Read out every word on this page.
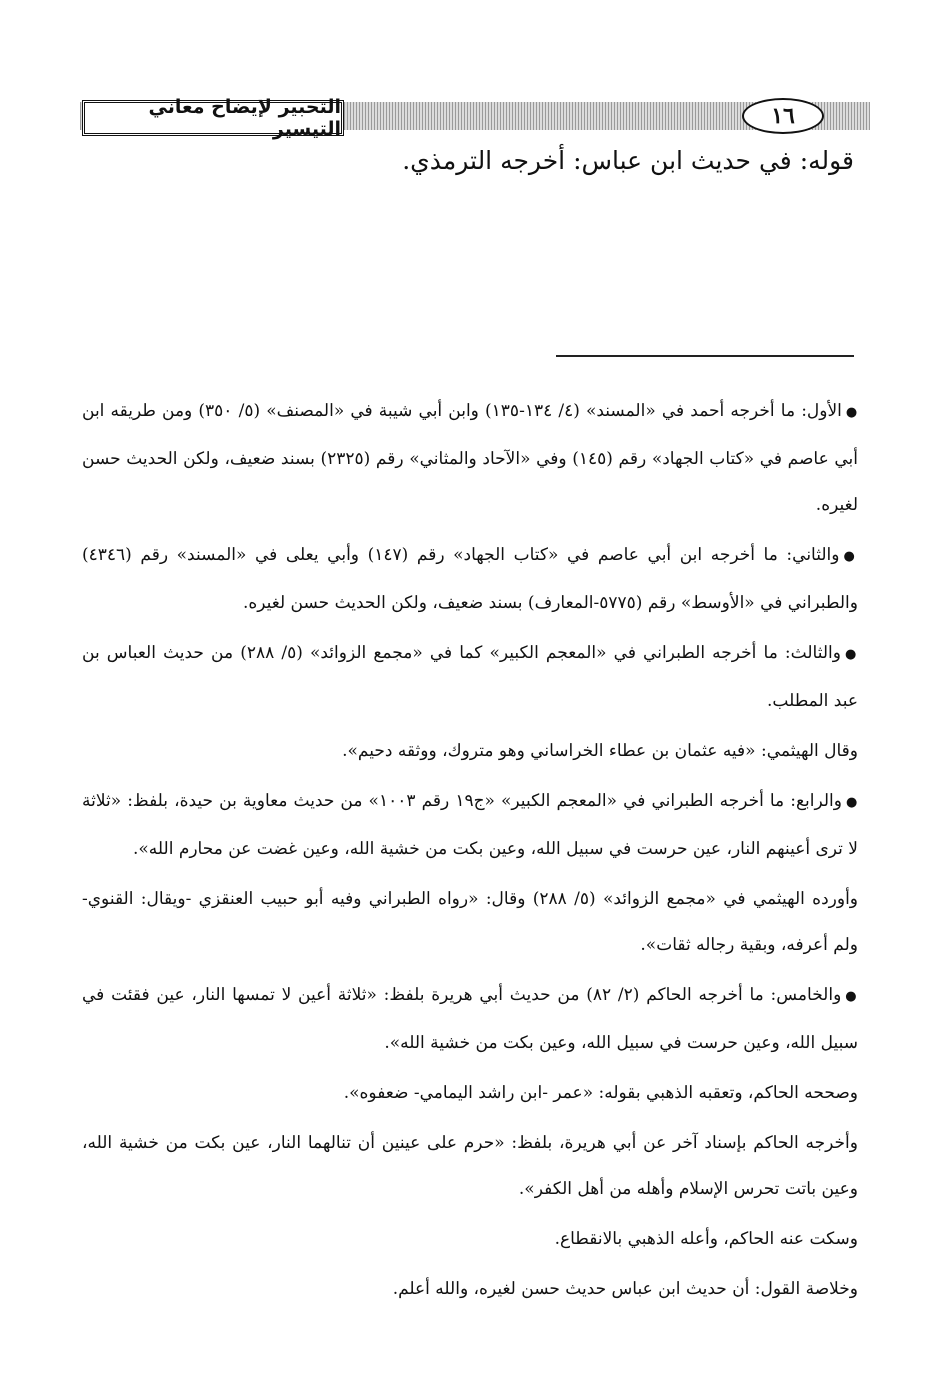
التحبير لإيضاح معاني التيسير	١٦
قوله: في حديث ابن عباس: أخرجه الترمذي.

●الأول: ما أخرجه أحمد في «المسند» (٤/ ١٣٤-١٣٥) وابن أبي شيبة في «المصنف» (٥/ ٣٥٠) ومن طريقه ابن أبي عاصم في «كتاب الجهاد» رقم (١٤٥) وفي «الآحاد والمثاني» رقم (٢٣٢٥) بسند ضعيف، ولكن الحديث حسن لغيره.

●والثاني: ما أخرجه ابن أبي عاصم في «كتاب الجهاد» رقم (١٤٧) وأبي يعلى في «المسند» رقم (٤٣٤٦) والطبراني في «الأوسط» رقم (٥٧٧٥-المعارف) بسند ضعيف، ولكن الحديث حسن لغيره.

●والثالث: ما أخرجه الطبراني في «المعجم الكبير» كما في «مجمع الزوائد» (٥/ ٢٨٨) من حديث العباس بن عبد المطلب.

وقال الهيثمي: «فيه عثمان بن عطاء الخراساني وهو متروك، ووثقه دحيم».

●والرابع: ما أخرجه الطبراني في «المعجم الكبير» «ج١٩ رقم ١٠٠٣» من حديث معاوية بن حيدة، بلفظ: «ثلاثة لا ترى أعينهم النار، عين حرست في سبيل الله، وعين بكت من خشية الله، وعين غضت عن محارم الله».

وأورده الهيثمي في «مجمع الزوائد» (٥/ ٢٨٨) وقال: «رواه الطبراني وفيه أبو حبيب العنقزي -ويقال: القنوي- ولم أعرفه، وبقية رجاله ثقات».

●والخامس: ما أخرجه الحاكم (٢/ ٨٢) من حديث أبي هريرة بلفظ: «ثلاثة أعين لا تمسها النار، عين فقئت في سبيل الله، وعين حرست في سبيل الله، وعين بكت من خشية الله».

وصححه الحاكم، وتعقبه الذهبي بقوله: «عمر -ابن راشد اليمامي- ضعفوه».

وأخرجه الحاكم بإسناد آخر عن أبي هريرة، بلفظ: «حرم على عينين أن تنالهما النار، عين بكت من خشية الله، وعين باتت تحرس الإسلام وأهله من أهل الكفر».

وسكت عنه الحاكم، وأعله الذهبي بالانقطاع.

وخلاصة القول: أن حديث ابن عباس حديث حسن لغيره، والله أعلم.
